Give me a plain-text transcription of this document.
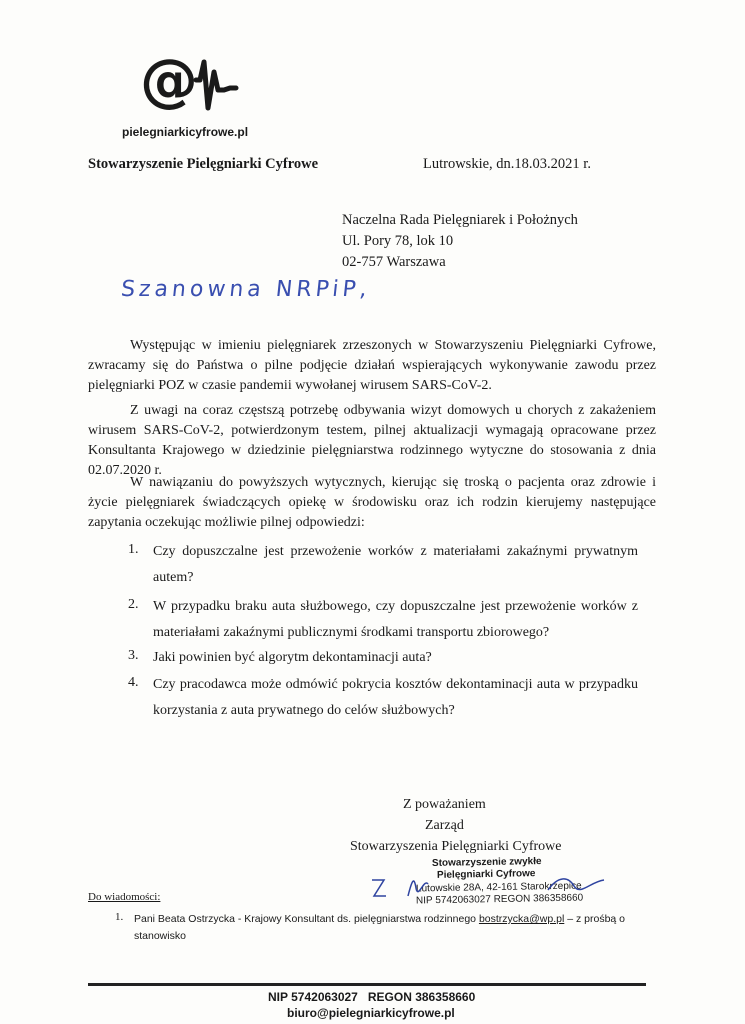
@
pielegniarkicyfrowe.pl
Stowarzyszenie Pielęgniarki Cyfrowe	Lutrowskie, dn.18.03.2021 r.
Naczelna Rada Pielęgniarek i Położnych
Ul. Pory 78, lok 10
02-757 Warszawa
Szanowna NRPiP,

Występując w imieniu pielęgniarek zrzeszonych w Stowarzyszeniu Pielęgniarki Cyfrowe, zwracamy się do Państwa o pilne podjęcie działań wspierających wykonywanie zawodu przez pielęgniarki POZ w czasie pandemii wywołanej wirusem SARS-CoV-2.

Z uwagi na coraz częstszą potrzebę odbywania wizyt domowych u chorych z zakażeniem wirusem SARS-CoV-2, potwierdzonym testem, pilnej aktualizacji wymagają opracowane przez Konsultanta Krajowego w dziedzinie pielęgniarstwa rodzinnego wytyczne do stosowania z dnia 02.07.2020 r.

W nawiązaniu do powyższych wytycznych, kierując się troską o pacjenta oraz zdrowie i życie pielęgniarek świadczących opiekę w środowisku oraz ich rodzin kierujemy następujące zapytania oczekując możliwie pilnej odpowiedzi:

1. Czy dopuszczalne jest przewożenie worków z materiałami zakaźnymi prywatnym autem?
2. W przypadku braku auta służbowego, czy dopuszczalne jest przewożenie worków z materiałami zakaźnymi publicznymi środkami transportu zbiorowego?
3. Jaki powinien być algorytm dekontaminacji auta?
4. Czy pracodawca może odmówić pokrycia kosztów dekontaminacji auta w przypadku korzystania z auta prywatnego do celów służbowych?
Z poważaniem
Zarząd
Stowarzyszenia Pielęgniarki Cyfrowe
Stowarzyszenie zwykłe
Pielęgniarki Cyfrowe
Lutowskie 28A, 42-161 Starokrzepice
NIP 5742063027 REGON 386358660
Do wiadomości:
1. Pani Beata Ostrzycka - Krajowy Konsultant ds. pielęgniarstwa rodzinnego bostrzycka@wp.pl – z prośbą o stanowisko
NIP 5742063027   REGON 386358660
biuro@pielegniarkicyfrowe.pl
